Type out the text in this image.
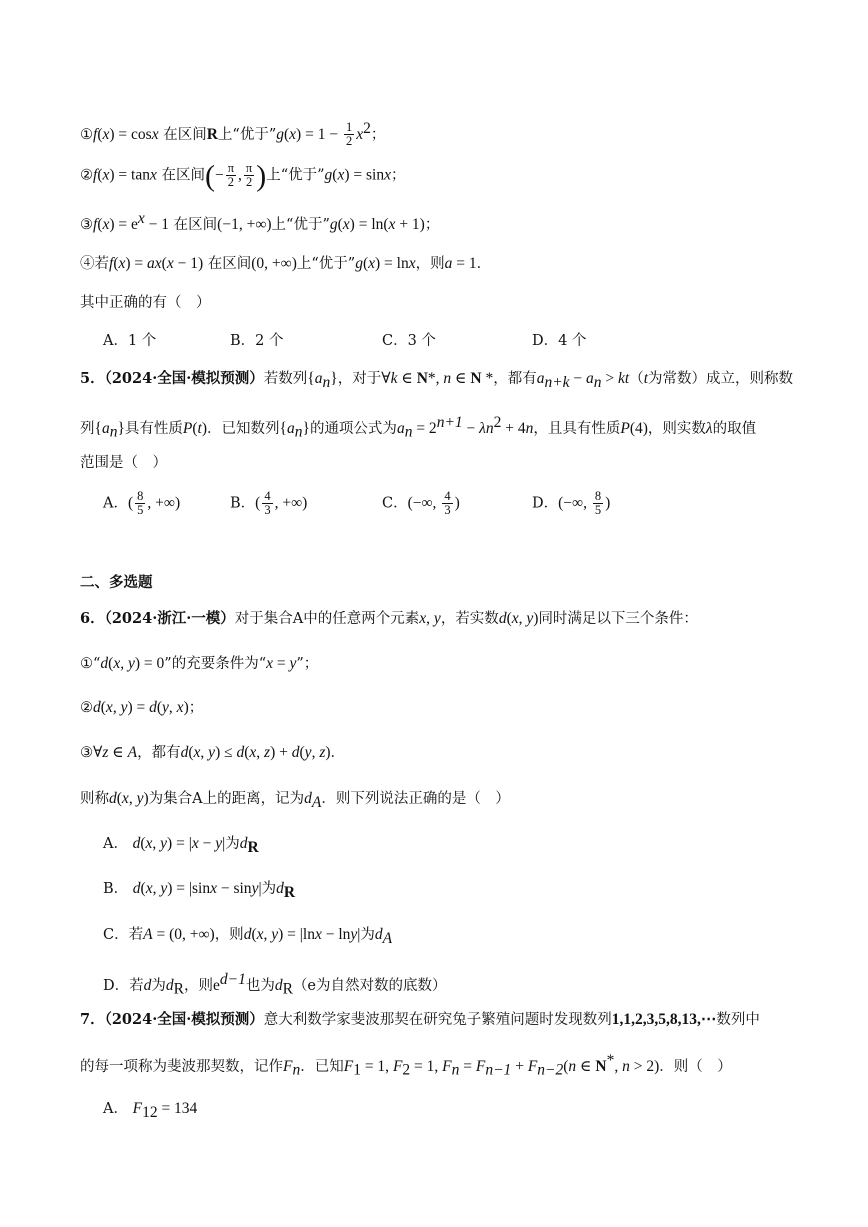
①f(x) = cosx 在区间R上“优于”g(x) = $1 - \frac{1}{2} x^2$；
②f(x) = tanx 在区间(− $\frac{\pi}{2}$ , $\frac{\pi}{2}$ )上“优于”g(x) = sinx；
③f(x) = $e^x - 1$ 在区间(−1, +∞)上“优于”g(x) = ln(x + 1)；
④若f(x) = ax(x − 1) 在区间(0, +∞)上“优于”g(x) = lnx，则a = 1．
其中正确的有（　）
A．1 个	B．2 个	C．3 个	D．4 个
5．（2024·全国·模拟预测）若数列$\{a_n\}$，对于∀k ∈ N*, n ∈ N *，都有$a_{n+k} - a_n > kt(t$为常数）成立，则称数
列$\{a_n\}$具有性质P(t)．已知数列$\{a_n\}$的通项公式为$a_n = 2^{n+1} - \lambda n^2 + 4n$，且具有性质P(4)，则实数λ的取值
范围是（　）
A．( $\frac{8}{5}$ , +∞)	B．( $\frac{4}{3}$ , +∞)	C．(−∞, $\frac{4}{3}$ )	D．(−∞, $\frac{8}{5}$ )
二、多选题
6．（2024·浙江·一模）对于集合A中的任意两个元素x, y，若实数d(x, y)同时满足以下三个条件：
①“d(x, y) = 0”的充要条件为“x = y”；
②d(x, y) = d(y, x)；
③∀z ∈ A，都有d(x, y) ≤ d(x, z) + d(y, z)．
则称d(x, y)为集合A上的距离，记为$d_A$．则下列说法正确的是（　）
A． d(x, y) = |x − y|为$d_R$
B． d(x, y) = |sinx − siny|为$d_R$
C．若A = (0, +∞)，则d(x, y) = |lnx − lny|为$d_A$
D．若d为$d_R$，则$e^{d-1}$也为$d_R(e$为自然对数的底数）
7．（2024·全国·模拟预测）意大利数学家斐波那契在研究兔子繁殖问题时发现数列1,1,2,3,5,8,13,⋯数列中
的每一项称为斐波那契数，记作$F_n$．已知$F_1 = 1$, $F_2 = 1$, $F_n = F_{n-1} + F_{n-2}(n$ ∈ N*, n > 2)．则（　）
A． $F_{12} = 134$
